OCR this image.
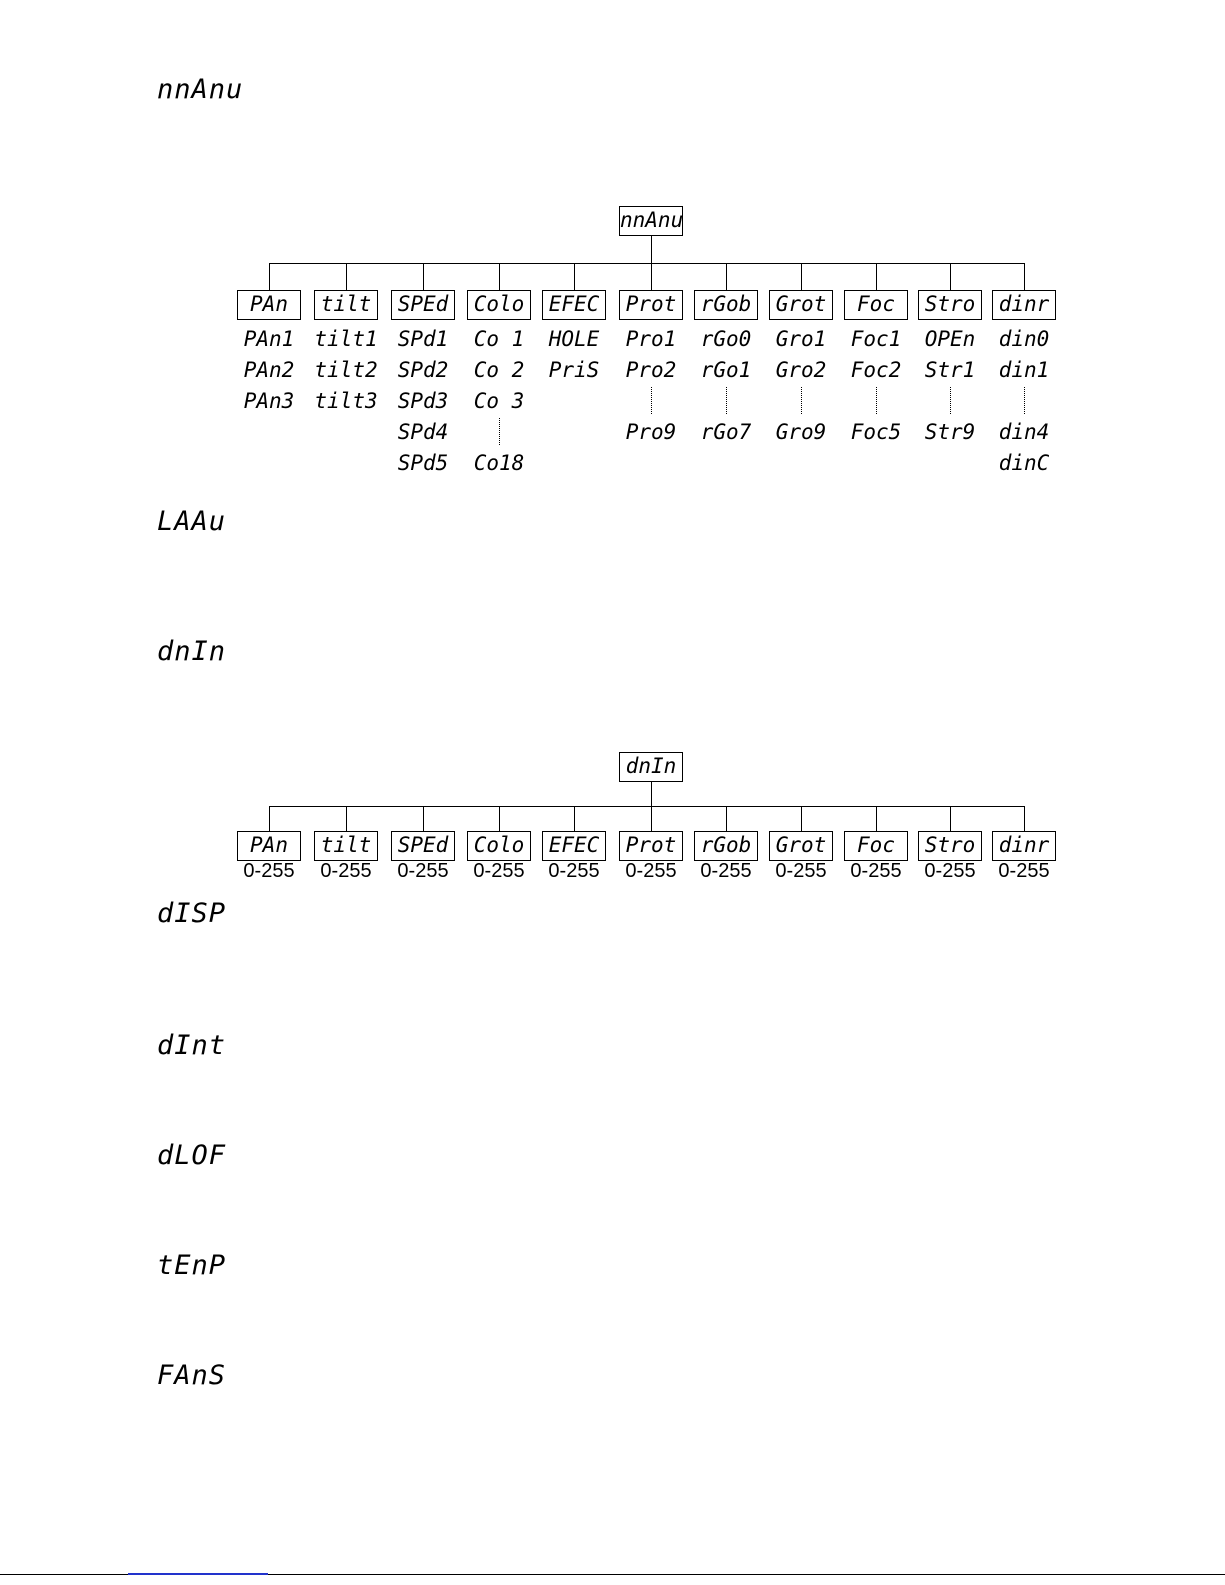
nnAnu
LAAu
dnIn
dISP
dInt
dLOF
tEnP
FAnS
nnAnu
PAn
PAn1
PAn2
PAn3
tilt
tilt1
tilt2
tilt3
SPEd
SPd1
SPd2
SPd3
SPd4
SPd5
Colo
Co 1
Co 2
Co 3
Co18
EFEC
HOLE
PriS
Prot
Pro1
Pro2
Pro9
rGob
rGo0
rGo1
rGo7
Grot
Gro1
Gro2
Gro9
Foc
Foc1
Foc2
Foc5
Stro
OPEn
Str1
Str9
dinr
din0
din1
din4
dinC
dnIn
PAn
0-255
tilt
0-255
SPEd
0-255
Colo
0-255
EFEC
0-255
Prot
0-255
rGob
0-255
Grot
0-255
Foc
0-255
Stro
0-255
dinr
0-255
